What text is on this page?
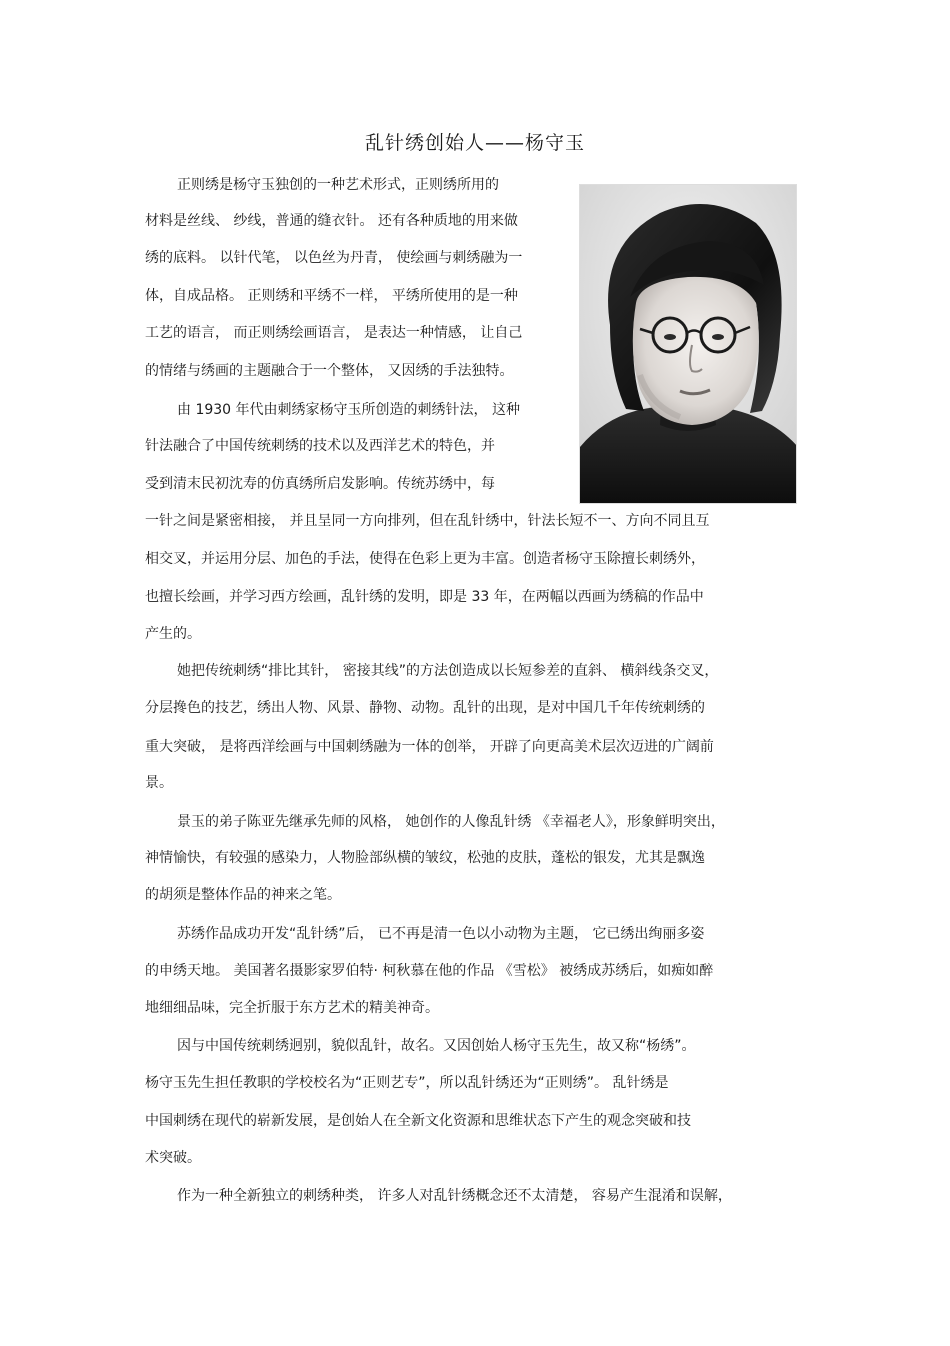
乱针绣创始人——杨守玉
正则绣是杨守玉独创的一种艺术形式，正则绣所用的
材料是丝线、 纱线，普通的缝衣针。 还有各种质地的用来做
绣的底料。 以针代笔， 以色丝为丹青， 使绘画与刺绣融为一
体，自成品格。 正则绣和平绣不一样， 平绣所使用的是一种
工艺的语言， 而正则绣绘画语言， 是表达一种情感， 让自己
的情绪与绣画的主题融合于一个整体， 又因绣的手法独特。
由 1930 年代由刺绣家杨守玉所创造的刺绣针法， 这种
针法融合了中国传统刺绣的技术以及西洋艺术的特色，并
受到清末民初沈寿的仿真绣所启发影响。传统苏绣中，每
一针之间是紧密相接， 并且呈同一方向排列，但在乱针绣中，针法长短不一、方向不同且互
相交叉，并运用分层、加色的手法，使得在色彩上更为丰富。创造者杨守玉除擅长刺绣外，
也擅长绘画，并学习西方绘画，乱针绣的发明，即是 33 年，在两幅以西画为绣稿的作品中
产生的。
她把传统刺绣“排比其针， 密接其线”的方法创造成以长短参差的直斜、 横斜线条交叉，
分层搀色的技艺，绣出人物、风景、静物、动物。乱针的出现，是对中国几千年传统刺绣的
重大突破， 是将西洋绘画与中国刺绣融为一体的创举， 开辟了向更高美术层次迈进的广阔前
景。
景玉的弟子陈亚先继承先师的风格， 她创作的人像乱针绣 《幸福老人》，形象鲜明突出，
神情愉快，有较强的感染力，人物脸部纵横的皱纹，松弛的皮肤，蓬松的银发，尤其是飘逸
的胡须是整体作品的神来之笔。
苏绣作品成功开发“乱针绣”后， 已不再是清一色以小动物为主题， 它已绣出绚丽多姿
的申绣天地。 美国著名摄影家罗伯特· 柯秋慕在他的作品 《雪松》 被绣成苏绣后，如痴如醉
地细细品味，完全折服于东方艺术的精美神奇。
因与中国传统刺绣迥别，貌似乱针，故名。又因创始人杨守玉先生，故又称“杨绣”。
杨守玉先生担任教职的学校校名为“正则艺专”，所以乱针绣还为“正则绣”。 乱针绣是
中国刺绣在现代的崭新发展，是创始人在全新文化资源和思维状态下产生的观念突破和技
术突破。
作为一种全新独立的刺绣种类， 许多人对乱针绣概念还不太清楚， 容易产生混淆和误解，
